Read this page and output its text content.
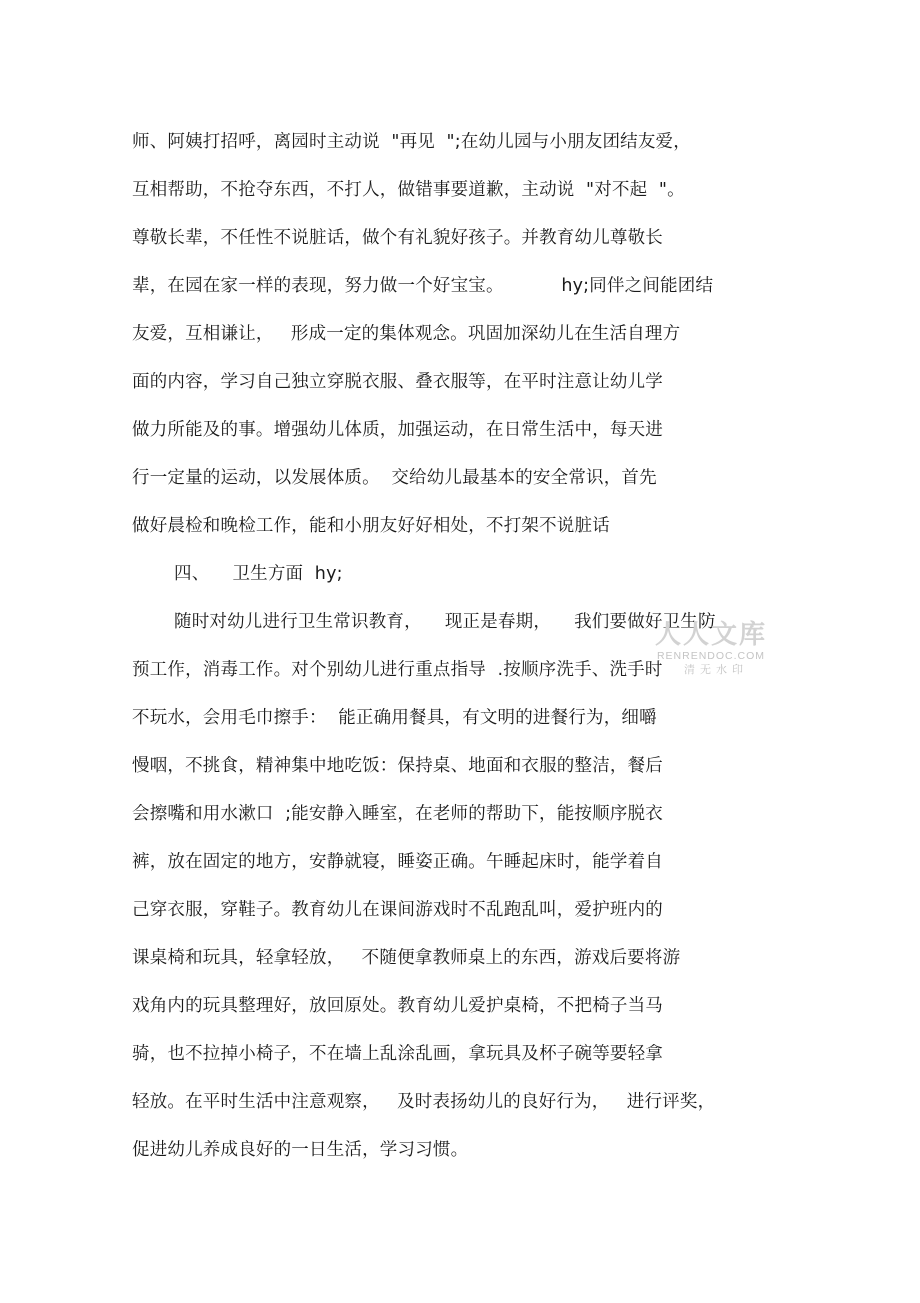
师、阿姨打招呼，离园时主动说  "再见  ";在幼儿园与小朋友团结友爱，
互相帮助，不抢夺东西，不打人，做错事要道歉，主动说  "对不起  "。
尊敬长辈，不任性不说脏话，做个有礼貌好孩子。并教育幼儿尊敬长
辈，在园在家一样的表现，努力做一个好宝宝。          hy;同伴之间能团结
友爱，互相谦让，   形成一定的集体观念。巩固加深幼儿在生活自理方
面的内容，学习自己独立穿脱衣服、叠衣服等，在平时注意让幼儿学
做力所能及的事。增强幼儿体质，加强运动，在日常生活中，每天进
行一定量的运动，以发展体质。  交给幼儿最基本的安全常识，首先
做好晨检和晚检工作，能和小朋友好好相处，不打架不说脏话
四、    卫生方面  hy;
随时对幼儿进行卫生常识教育，    现正是春期，    我们要做好卫生防
预工作，消毒工作。对个别幼儿进行重点指导  .按顺序洗手、洗手时
不玩水，会用毛巾擦手：  能正确用餐具，有文明的进餐行为，细嚼
慢咽，不挑食，精神集中地吃饭：保持桌、地面和衣服的整洁，餐后
会擦嘴和用水漱口  ;能安静入睡室，在老师的帮助下，能按顺序脱衣
裤，放在固定的地方，安静就寝，睡姿正确。午睡起床时，能学着自
己穿衣服，穿鞋子。教育幼儿在课间游戏时不乱跑乱叫，爱护班内的
课桌椅和玩具，轻拿轻放，   不随便拿教师桌上的东西，游戏后要将游
戏角内的玩具整理好，放回原处。教育幼儿爱护桌椅，不把椅子当马
骑，也不拉掉小椅子，不在墙上乱涂乱画，拿玩具及杯子碗等要轻拿
轻放。在平时生活中注意观察，   及时表扬幼儿的良好行为，   进行评奖，
促进幼儿养成良好的一日生活，学习习惯。
人人文库
RENRENDOC.COM
清无水印
